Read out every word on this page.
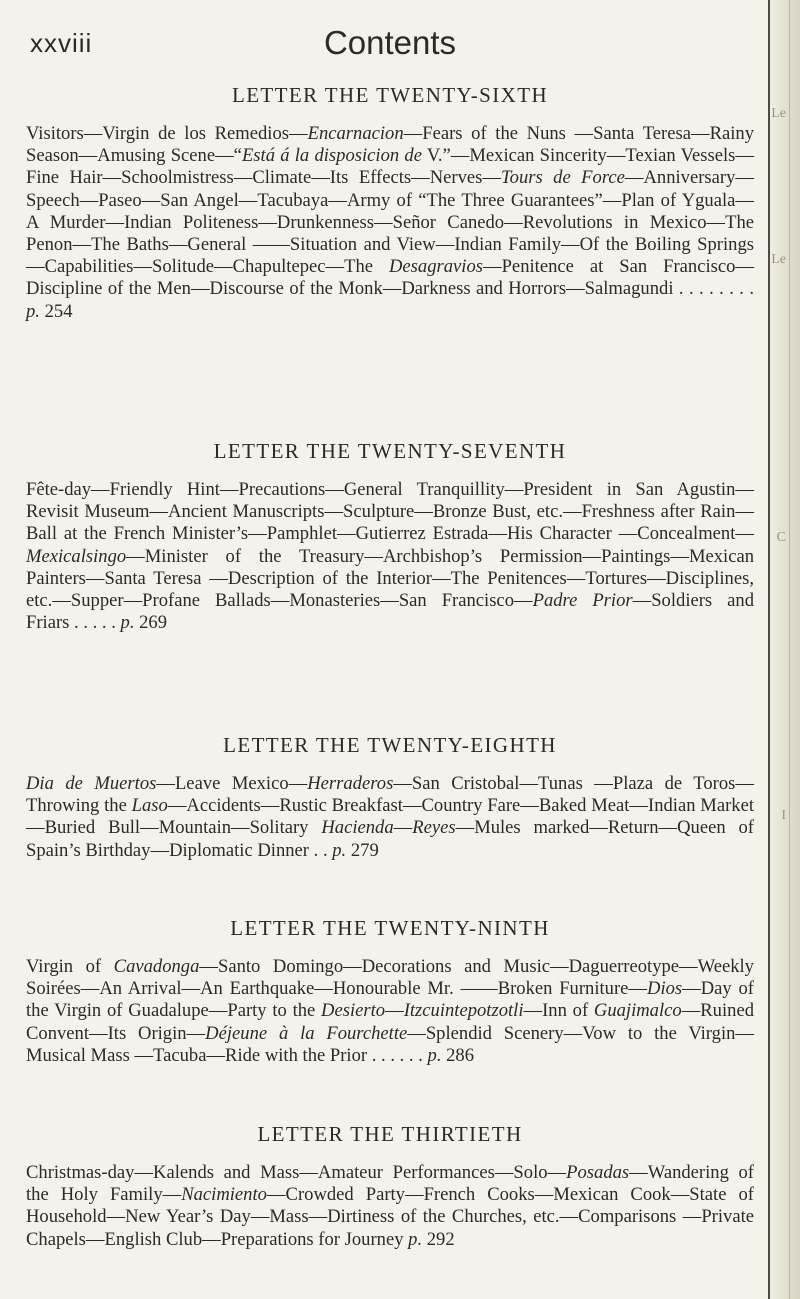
xxviii	Contents
LETTER THE TWENTY-SIXTH

Visitors—Virgin de los Remedios—Encarnacion—Fears of the Nuns —Santa Teresa—Rainy Season—Amusing Scene—“Está á la disposicion de V.”—Mexican Sincerity—Texian Vessels—Fine Hair—Schoolmistress—Climate—Its Effects—Nerves—Tours de Force—Anniversary—Speech—Paseo—San Angel—Tacubaya—Army of “The Three Guarantees”—Plan of Yguala—A Murder—Indian Politeness—Drunkenness—Señor Canedo—Revolutions in Mexico—The Penon—The Baths—General ——Situation and View—Indian Family—Of the Boiling Springs—Capabilities—Solitude—Chapultepec—The Desagravios—Penitence at San Francisco—Discipline of the Men—Discourse of the Monk—Darkness and Horrors—Salmagundi . . . . . . . . p. 254

LETTER THE TWENTY-SEVENTH

Fête-day—Friendly Hint—Precautions—General Tranquillity—President in San Agustin—Revisit Museum—Ancient Manuscripts—Sculpture—Bronze Bust, etc.—Freshness after Rain—Ball at the French Minister’s—Pamphlet—Gutierrez Estrada—His Character —Concealment—Mexicalsingo—Minister of the Treasury—Archbishop’s Permission—Paintings—Mexican Painters—Santa Teresa —Description of the Interior—The Penitences—Tortures—Disciplines, etc.—Supper—Profane Ballads—Monasteries—San Francisco—Padre Prior—Soldiers and Friars . . . . . p. 269

LETTER THE TWENTY-EIGHTH

Dia de Muertos—Leave Mexico—Herraderos—San Cristobal—Tunas —Plaza de Toros—Throwing the Laso—Accidents—Rustic Breakfast—Country Fare—Baked Meat—Indian Market—Buried Bull—Mountain—Solitary Hacienda—Reyes—Mules marked—Return—Queen of Spain’s Birthday—Diplomatic Dinner . . p. 279

LETTER THE TWENTY-NINTH

Virgin of Cavadonga—Santo Domingo—Decorations and Music—Daguerreotype—Weekly Soirées—An Arrival—An Earthquake—Honourable Mr. ——Broken Furniture—Dios—Day of the Virgin of Guadalupe—Party to the Desierto—Itzcuintepotzotli—Inn of Guajimalco—Ruined Convent—Its Origin—Déjeune à la Fourchette—Splendid Scenery—Vow to the Virgin—Musical Mass —Tacuba—Ride with the Prior . . . . . . p. 286

LETTER THE THIRTIETH

Christmas-day—Kalends and Mass—Amateur Performances—Solo—Posadas—Wandering of the Holy Family—Nacimiento—Crowded Party—French Cooks—Mexican Cook—State of Household—New Year’s Day—Mass—Dirtiness of the Churches, etc.—Comparisons —Private Chapels—English Club—Preparations for Journey p. 292

Le
Le
C
I
